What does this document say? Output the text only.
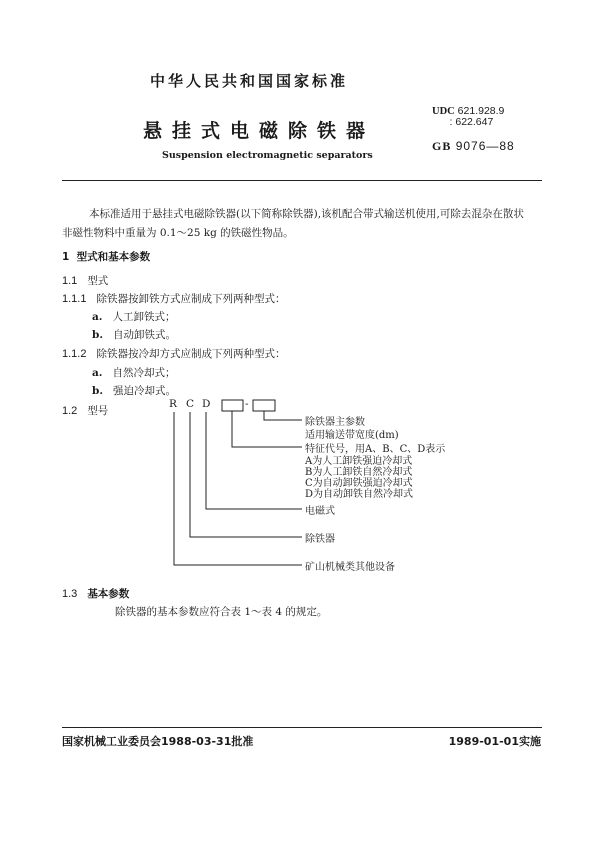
中华人民共和国国家标准
悬挂式电磁除铁器
Suspension electromagnetic separators
UDC 621.928.9
: 622.647
GB 9076—88
本标准适用于悬挂式电磁除铁器(以下简称除铁器),该机配合带式输送机使用,可除去混杂在散状
非磁性物料中重量为 0.1～25 kg 的铁磁性物品。
1 型式和基本参数
1.1 型式
1.1.1 除铁器按卸铁方式应制成下列两种型式：
a. 人工卸铁式；
b. 自动卸铁式。
1.1.2 除铁器按冷却方式应制成下列两种型式：
a. 自然冷却式；
b. 强迫冷却式。
1.2 型号
R C D	-
除铁器主参数
适用输送带宽度(dm)
特征代号，用A、B、C、D表示
A为人工卸铁强迫冷却式
B为人工卸铁自然冷却式
C为自动卸铁强迫冷却式
D为自动卸铁自然冷却式
电磁式
除铁器
矿山机械类其他设备
1.3 基本参数
除铁器的基本参数应符合表 1～表 4 的规定。
国家机械工业委员会1988-03-31批准	1989-01-01实施
